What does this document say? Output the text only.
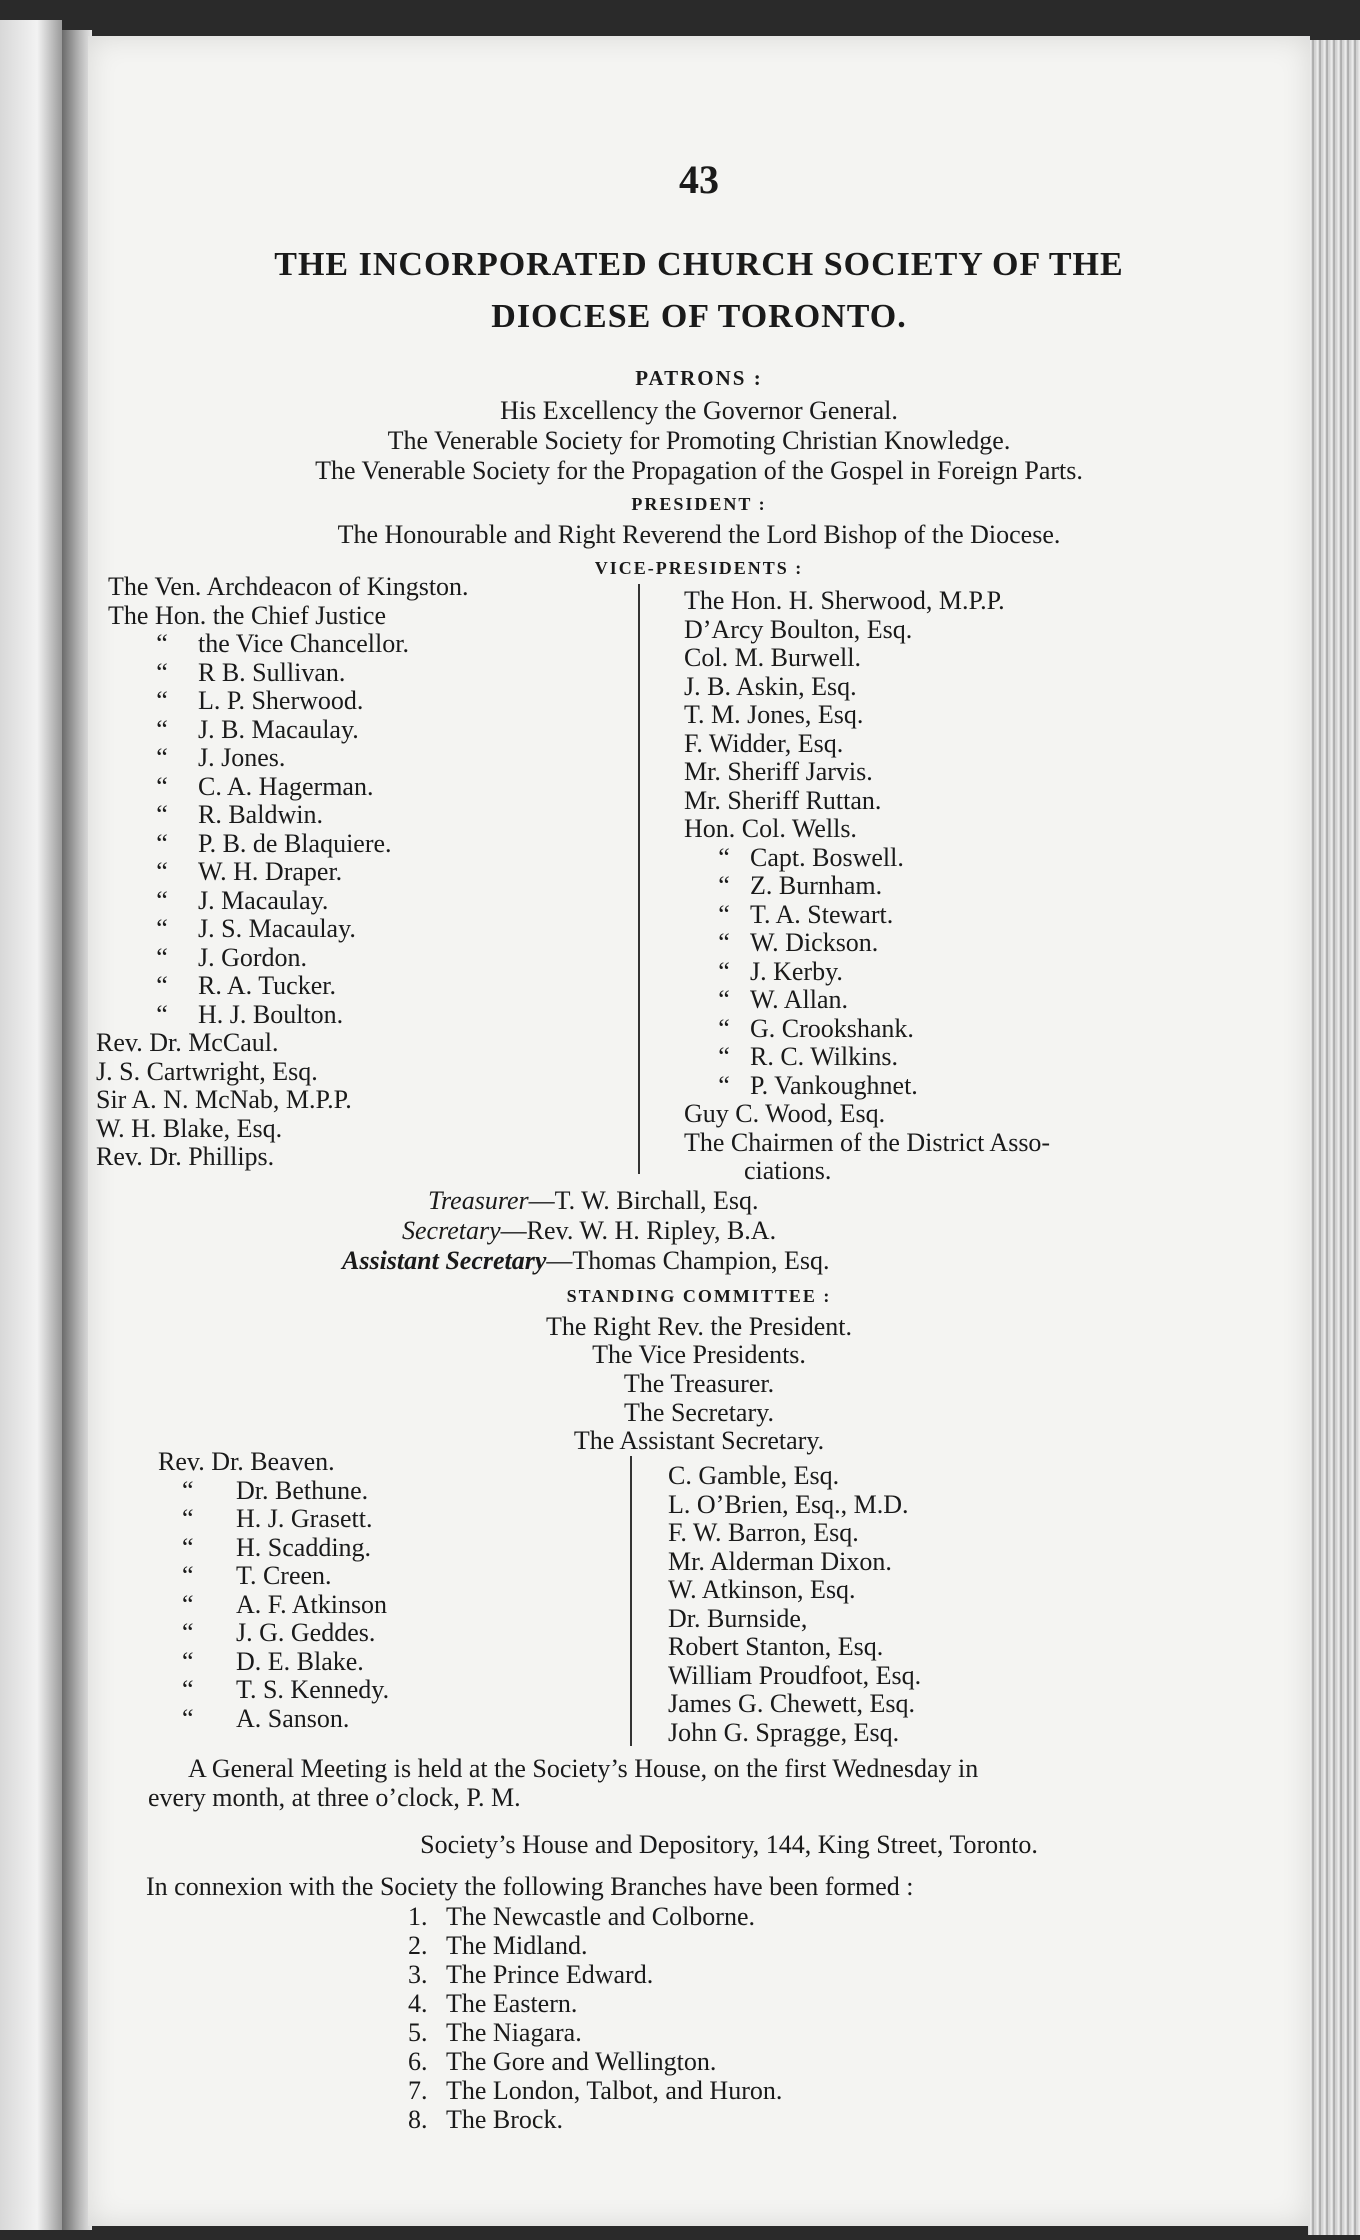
43
THE INCORPORATED CHURCH SOCIETY OF THE
DIOCESE OF TORONTO.
PATRONS :
His Excellency the Governor General.
The Venerable Society for Promoting Christian Knowledge.
The Venerable Society for the Propagation of the Gospel in Foreign Parts.
PRESIDENT :
The Honourable and Right Reverend the Lord Bishop of the Diocese.
VICE-PRESIDENTS :
The Ven. Archdeacon of Kingston.
The Hon. the Chief Justice
“ the Vice Chancellor.
“ R B. Sullivan.
“ L. P. Sherwood.
“ J. B. Macaulay.
“ J. Jones.
“ C. A. Hagerman.
“ R. Baldwin.
“ P. B. de Blaquiere.
“ W. H. Draper.
“ J. Macaulay.
“ J. S. Macaulay.
“ J. Gordon.
“ R. A. Tucker.
“ H. J. Boulton.
Rev. Dr. McCaul.
J. S. Cartwright, Esq.
Sir A. N. McNab, M.P.P.
W. H. Blake, Esq.
Rev. Dr. Phillips.
The Hon. H. Sherwood, M.P.P.
D’Arcy Boulton, Esq.
Col. M. Burwell.
J. B. Askin, Esq.
T. M. Jones, Esq.
F. Widder, Esq.
Mr. Sheriff Jarvis.
Mr. Sheriff Ruttan.
Hon. Col. Wells.
“ Capt. Boswell.
“ Z. Burnham.
“ T. A. Stewart.
“ W. Dickson.
“ J. Kerby.
“ W. Allan.
“ G. Crookshank.
“ R. C. Wilkins.
“ P. Vankoughnet.
Guy C. Wood, Esq.
The Chairmen of the District Asso-
ciations.
Treasurer—T. W. Birchall, Esq.
Secretary—Rev. W. H. Ripley, B.A.
Assistant Secretary—Thomas Champion, Esq.
STANDING COMMITTEE :
The Right Rev. the President.
The Vice Presidents.
The Treasurer.
The Secretary.
The Assistant Secretary.
Rev. Dr. Beaven.
“ Dr. Bethune.
“ H. J. Grasett.
“ H. Scadding.
“ T. Creen.
“ A. F. Atkinson
“ J. G. Geddes.
“ D. E. Blake.
“ T. S. Kennedy.
“ A. Sanson.
C. Gamble, Esq.
L. O’Brien, Esq., M.D.
F. W. Barron, Esq.
Mr. Alderman Dixon.
W. Atkinson, Esq.
Dr. Burnside,
Robert Stanton, Esq.
William Proudfoot, Esq.
James G. Chewett, Esq.
John G. Spragge, Esq.
A General Meeting is held at the Society’s House, on the first Wednesday in
every month, at three o’clock, P. M.
Society’s House and Depository, 144, King Street, Toronto.
In connexion with the Society the following Branches have been formed :
1. The Newcastle and Colborne.
2. The Midland.
3. The Prince Edward.
4. The Eastern.
5. The Niagara.
6. The Gore and Wellington.
7. The London, Talbot, and Huron.
8. The Brock.
